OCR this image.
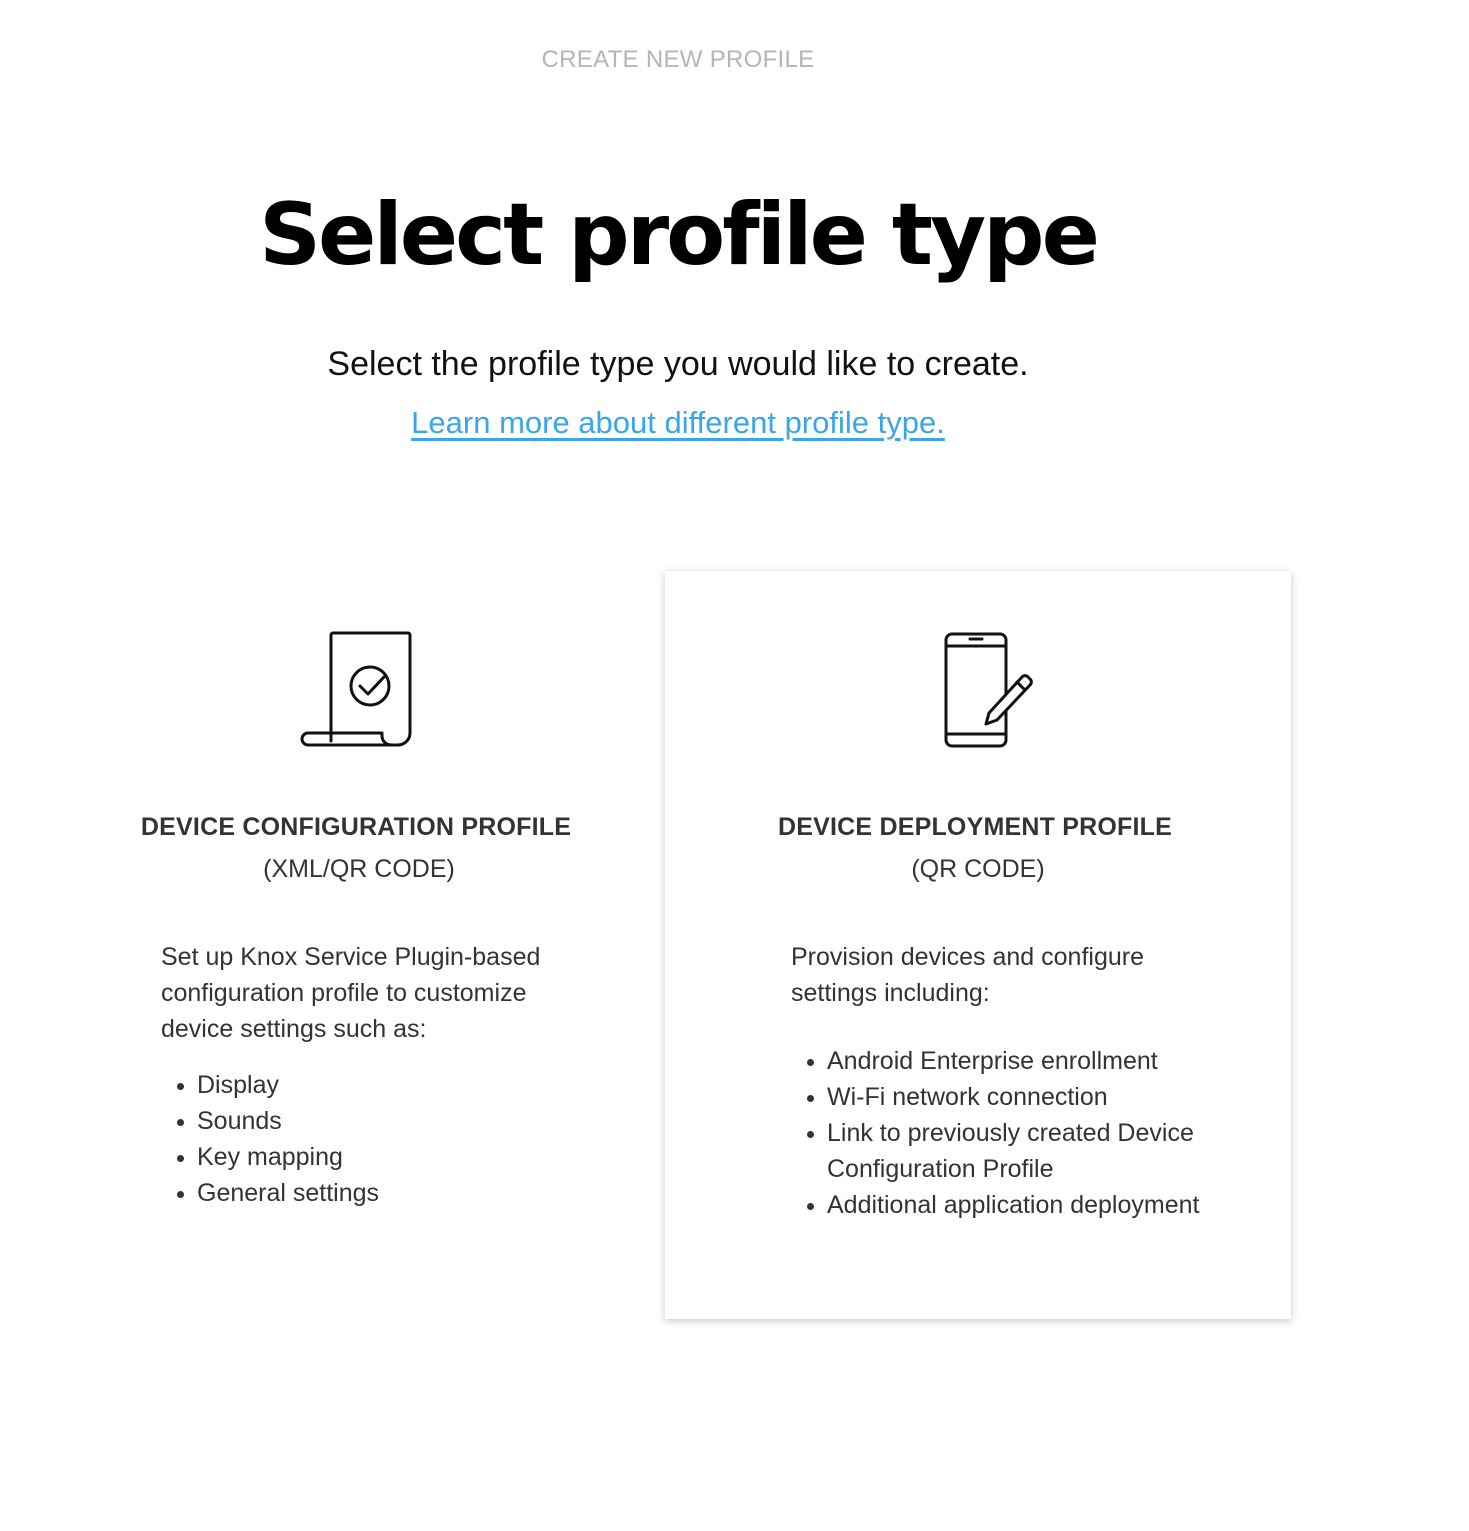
CREATE NEW PROFILE
Select profile type
Select the profile type you would like to create.
Learn more about different profile type.
DEVICE CONFIGURATION PROFILE
(XML/QR CODE)
Set up Knox Service Plugin-based configuration profile to customize device settings such as:
• Display
• Sounds
• Key mapping
• General settings
DEVICE DEPLOYMENT PROFILE
(QR CODE)
Provision devices and configure settings including:
• Android Enterprise enrollment
• Wi-Fi network connection
• Link to previously created Device Configuration Profile
• Additional application deployment
